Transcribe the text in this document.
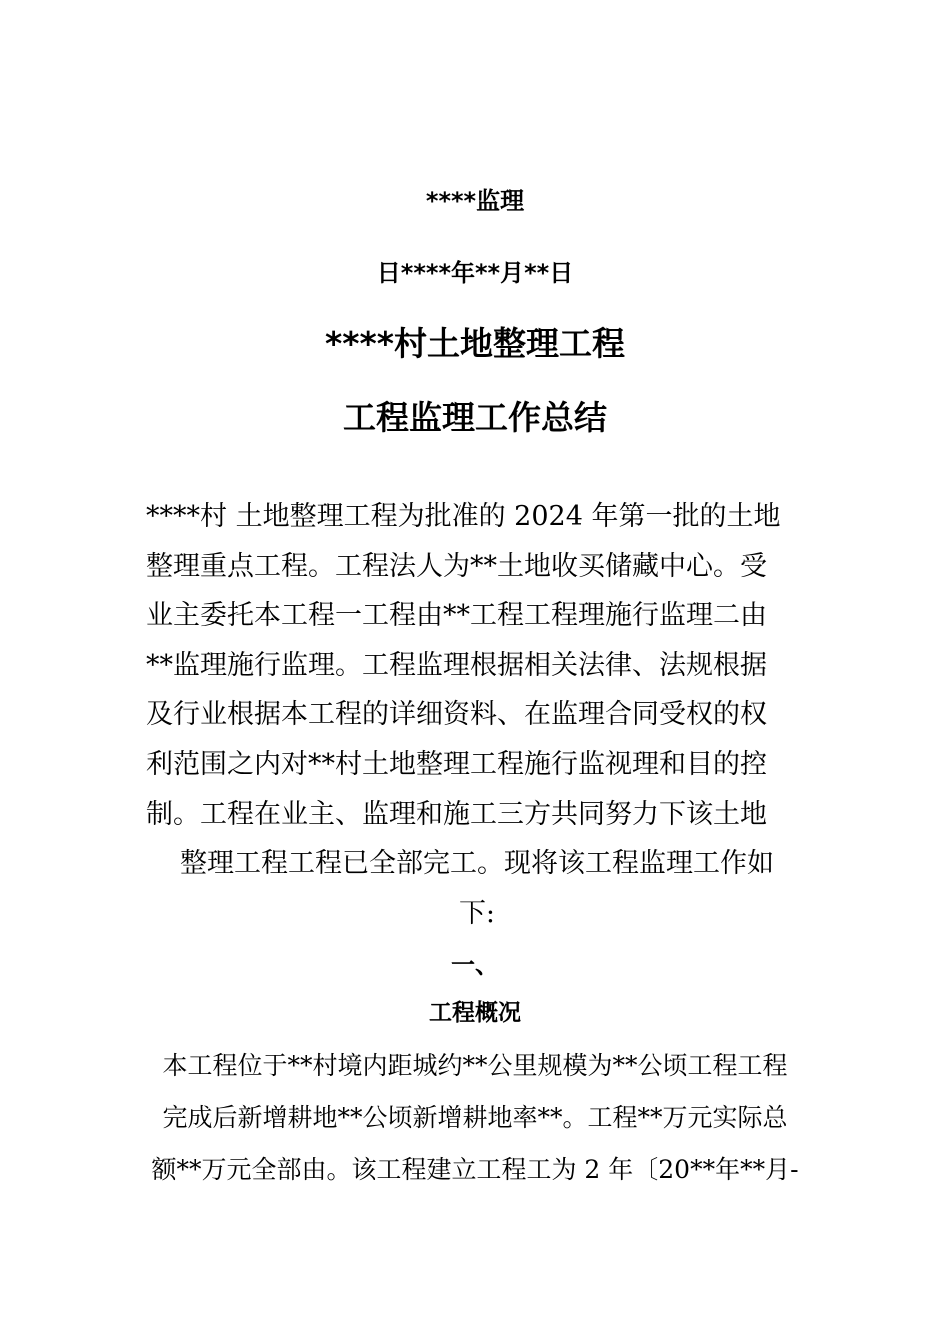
****监理
日****年**月**日
****村土地整理工程
工程监理工作总结
****村 土地整理工程为批准的 2024 年第一批的土地
整理重点工程。工程法人为**土地收买储藏中心。受
业主委托本工程一工程由**工程工程理施行监理二由
**监理施行监理。工程监理根据相关法律、法规根据
及行业根据本工程的详细资料、在监理合同受权的权
利范围之内对**村土地整理工程施行监视理和目的控
制。工程在业主、监理和施工三方共同努力下该土地
整理工程工程已全部完工。现将该工程监理工作如
下:
一、
工程概况
本工程位于**村境内距城约**公里规模为**公顷工程工程
完成后新增耕地**公顷新增耕地率**。工程**万元实际总
额**万元全部由。该工程建立工程工为 2 年〔20**年**月-
